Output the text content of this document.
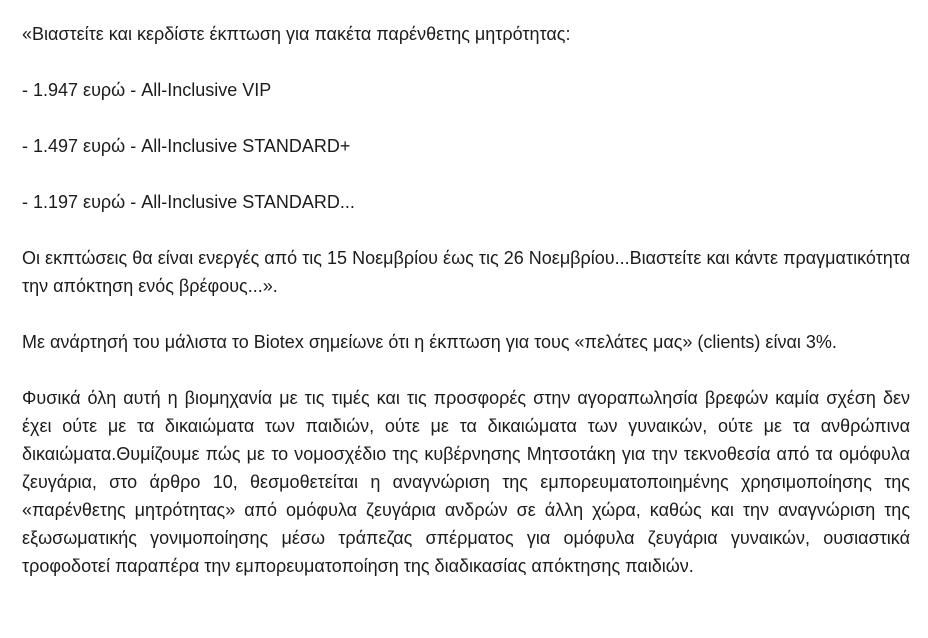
«Βιαστείτε και κερδίστε έκπτωση για πακέτα παρένθετης μητρότητας:

- 1.947 ευρώ - All-Inclusive VIP

- 1.497 ευρώ - All-Inclusive STANDARD+

- 1.197 ευρώ - All-Inclusive STANDARD...

Οι εκπτώσεις θα είναι ενεργές από τις 15 Νοεμβρίου έως τις 26 Νοεμβρίου...Βιαστείτε και κάντε πραγματικότητα την απόκτηση ενός βρέφους...».

Με ανάρτησή του μάλιστα το Biotex σημείωνε ότι η έκπτωση για τους «πελάτες μας» (clients) είναι 3%.

Φυσικά όλη αυτή η βιομηχανία με τις τιμές και τις προσφορές στην αγοραπωλησία βρεφών καμία σχέση δεν έχει ούτε με τα δικαιώματα των παιδιών, ούτε με τα δικαιώματα των γυναικών, ούτε με τα ανθρώπινα δικαιώματα.Θυμίζουμε πώς με το νομοσχέδιο της κυβέρνησης Μητσοτάκη για την τεκνοθεσία από τα ομόφυλα ζευγάρια, στο άρθρο 10, θεσμοθετείται η αναγνώριση της εμπορευματοποιημένης χρησιμοποίησης της «παρένθετης μητρότητας» από ομόφυλα ζευγάρια ανδρών σε άλλη χώρα, καθώς και την αναγνώριση της εξωσωματικής γονιμοποίησης μέσω τράπεζας σπέρματος για ομόφυλα ζευγάρια γυναικών, ουσιαστικά τροφοδοτεί παραπέρα την εμπορευματοποίηση της διαδικασίας απόκτησης παιδιών.
